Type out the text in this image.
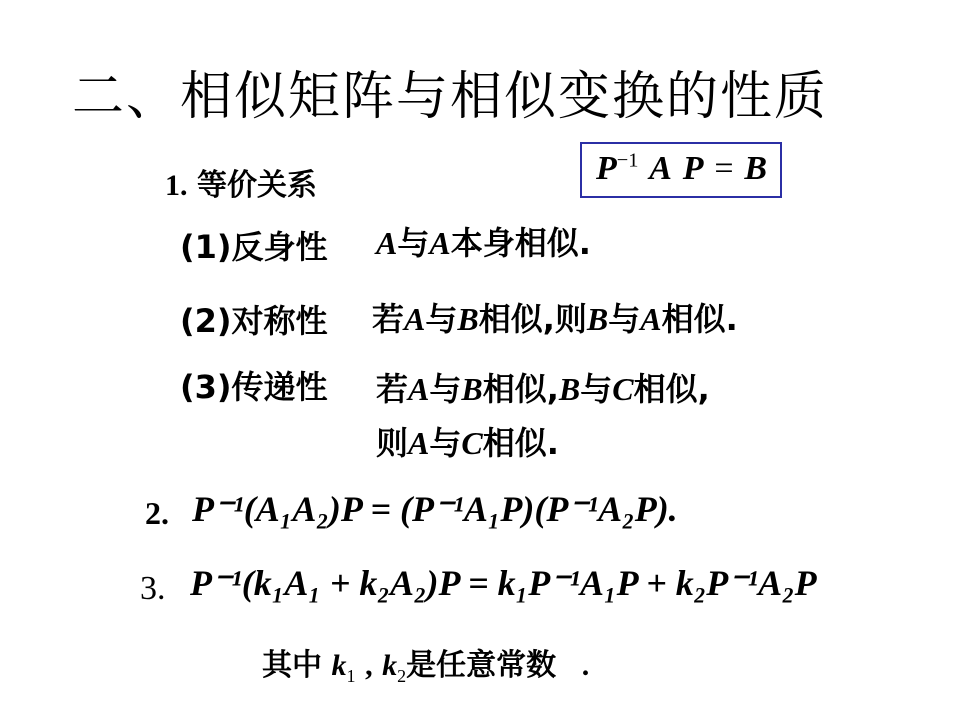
二、相似矩阵与相似变换的性质
1. 等价关系	$P^{-1}$ A P = B
(1)反身性 A与A本身相似.
(2)对称性 若A与B相似,则B与A相似.
(3)传递性 若A与B相似,B与C相似,
则A与C相似.
2. P⁻¹(A₁A₂)P = (P⁻¹A₁P)(P⁻¹A₂P).
3. P⁻¹(k₁A₁ + k₂A₂)P = k₁P⁻¹A₁P + k₂P⁻¹A₂P
其中 $k_1$ , $k_2$是任意常数 .
